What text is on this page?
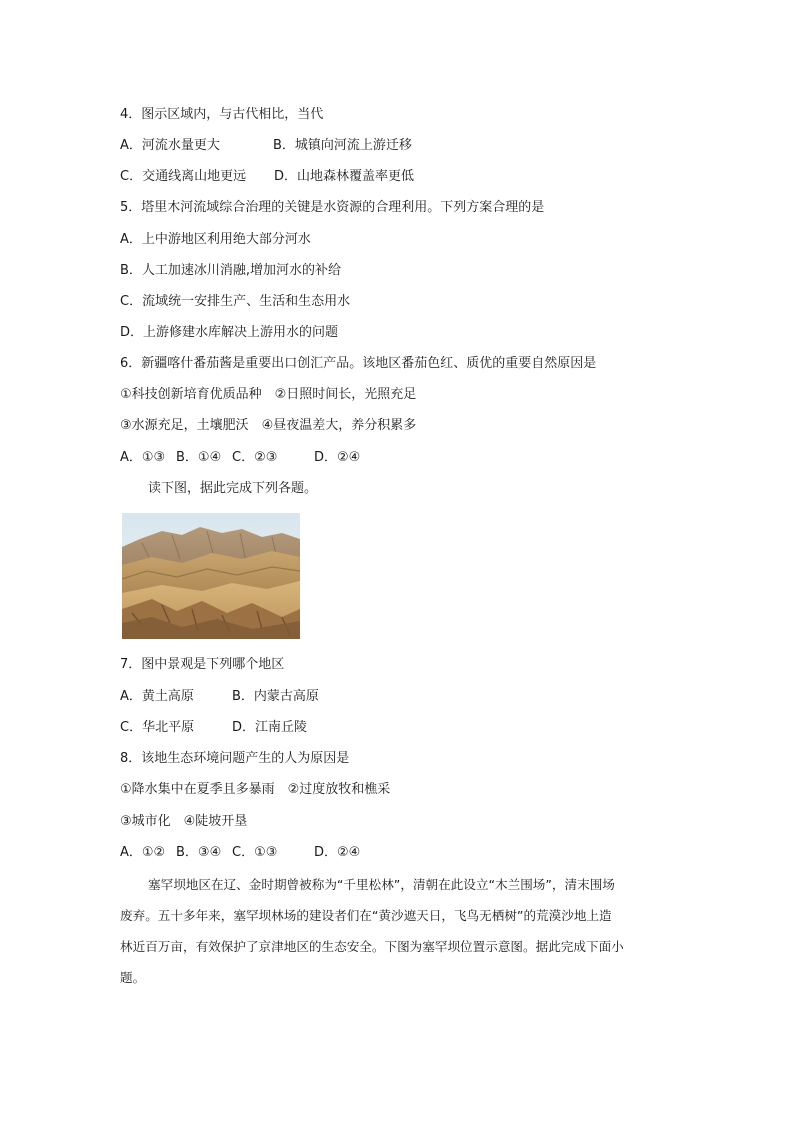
4．图示区域内，与古代相比，当代
A．河流水量更大	B．城镇向河流上游迁移
C．交通线离山地更远 D．山地森林覆盖率更低
5．塔里木河流域综合治理的关键是水资源的合理利用。下列方案合理的是
A．上中游地区利用绝大部分河水
B．人工加速冰川消融,增加河水的补给
C．流域统一安排生产、生活和生态用水
D．上游修建水库解决上游用水的问题
6．新疆喀什番茄酱是重要出口创汇产品。该地区番茄色红、质优的重要自然原因是
①科技创新培育优质品种　②日照时间长，光照充足
③水源充足，土壤肥沃　④昼夜温差大，养分积累多
A．①③ B．①④ C．②③	D．②④
读下图，据此完成下列各题。
7．图中景观是下列哪个地区
A．黄土高原	B．内蒙古高原
C．华北平原	D．江南丘陵
8．该地生态环境问题产生的人为原因是
①降水集中在夏季且多暴雨　②过度放牧和樵采
③城市化　④陡坡开垦
A．①② B．③④ C．①③	D．②④
塞罕坝地区在辽、金时期曾被称为“千里松林”，清朝在此设立“木兰围场”，清末围场
废弃。五十多年来，塞罕坝林场的建设者们在“黄沙遮天日，飞鸟无栖树”的荒漠沙地上造
林近百万亩，有效保护了京津地区的生态安全。下图为塞罕坝位置示意图。据此完成下面小
题。
